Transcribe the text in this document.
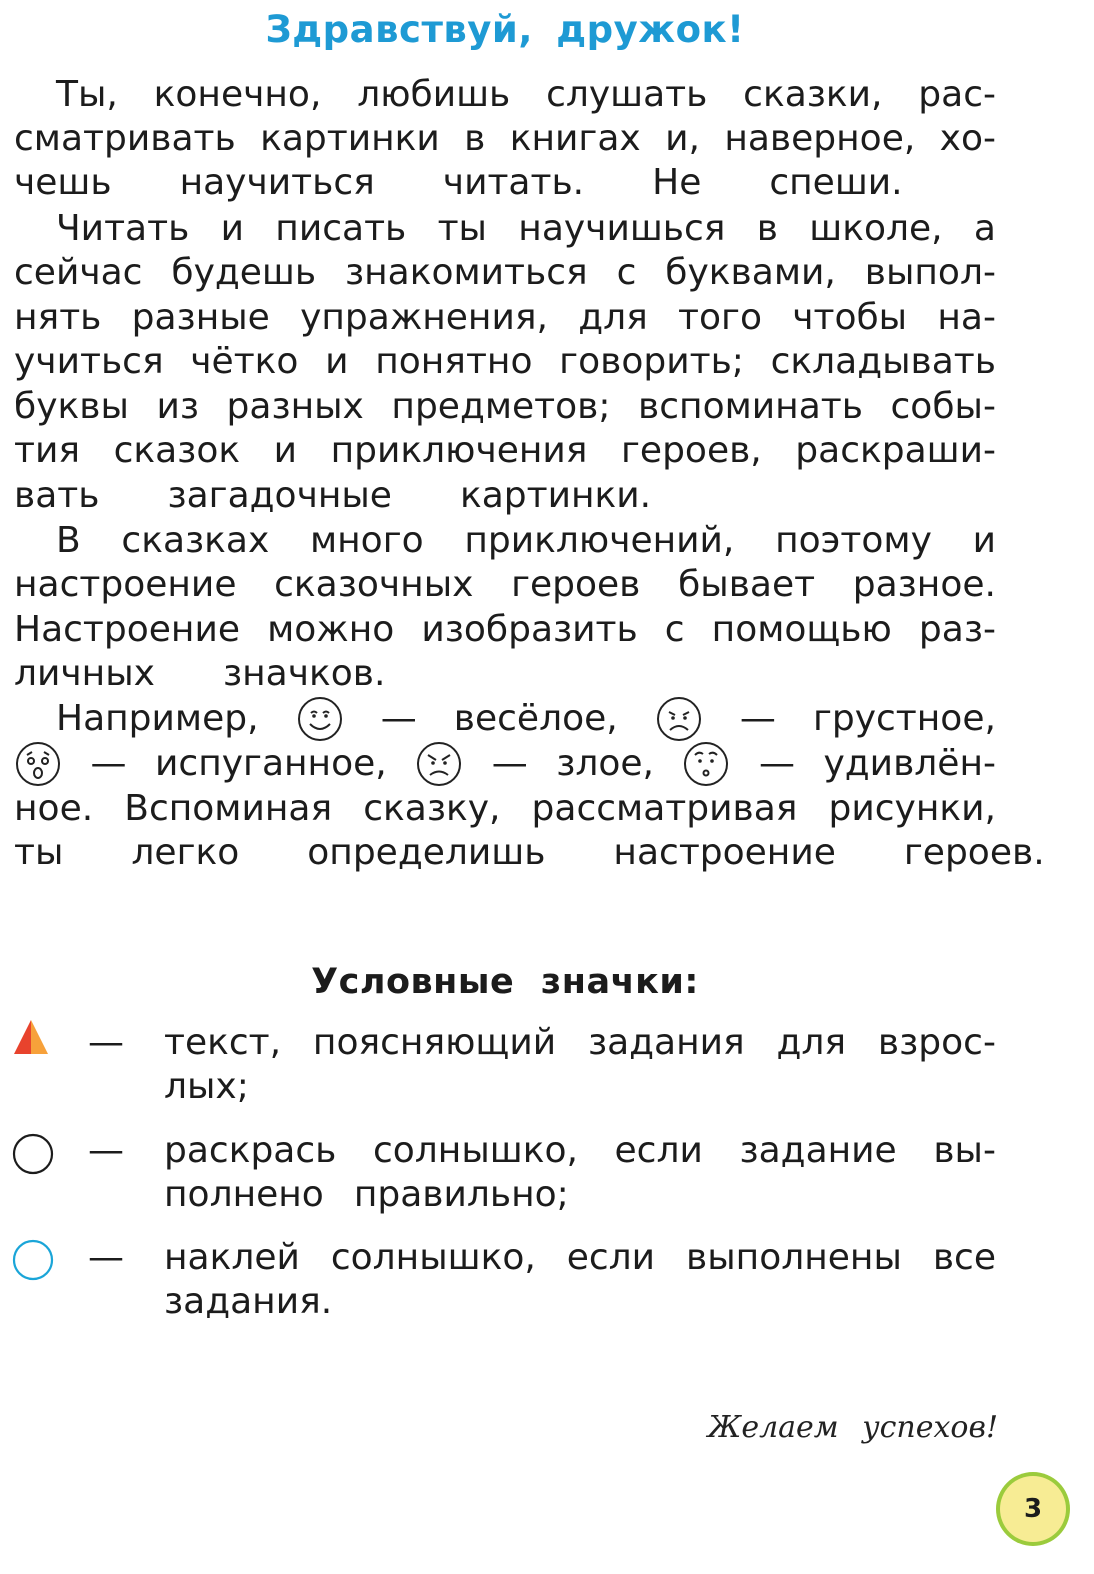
Здравствуй, дружок!
Ты, конечно, любишь слушать сказки, рас-
сматривать картинки в книгах и, наверное, хо-
чешь научиться читать. Не спеши.
Читать и писать ты научишься в школе, а
сейчас будешь знакомиться с буквами, выпол-
нять разные упражнения, для того чтобы на-
учиться чётко и понятно говорить; складывать
буквы из разных предметов; вспоминать собы-
тия сказок и приключения героев, раскраши-
вать загадочные картинки.
В сказках много приключений, поэтому и
настроение сказочных героев бывает разное.
Настроение можно изобразить с помощью раз-
личных значков.
Например,	— весёлое,	— грустное,
— испуганное,	— злое,	— удивлён-
ное. Вспоминая сказку, рассматривая рисунки,
ты легко определишь настроение героев.
Условные значки:
— текст, поясняющий задания для взрос-
лых;
— раскрась солнышко, если задание вы-
полнено правильно;
— наклей солнышко, если выполнены все
задания.
Желаем успехов!
3
